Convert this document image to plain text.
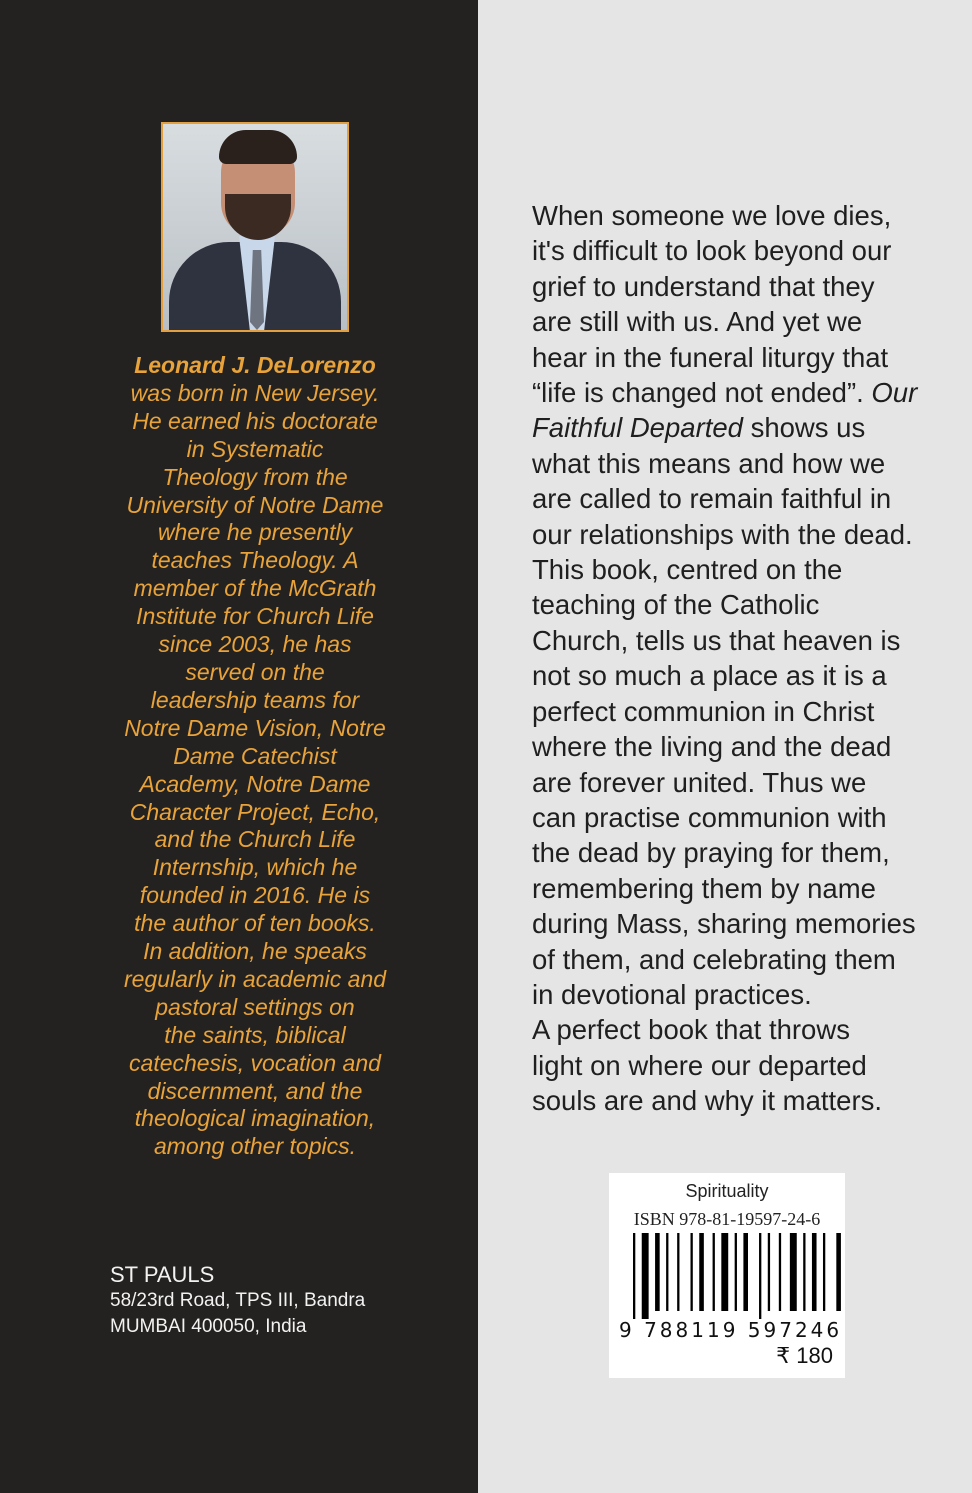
Leonard J. DeLorenzo
was born in New Jersey.
He earned his doctorate
in Systematic
Theology from the
University of Notre Dame
where he presently
teaches Theology. A
member of the McGrath
Institute for Church Life
since 2003, he has
served on the
leadership teams for
Notre Dame Vision, Notre
Dame Catechist
Academy, Notre Dame
Character Project, Echo,
and the Church Life
Internship, which he
founded in 2016. He is
the author of ten books.
In addition, he speaks
regularly in academic and
pastoral settings on
the saints, biblical
catechesis, vocation and
discernment, and the
theological imagination,
among other topics.
ST PAULS
58/23rd Road, TPS III, Bandra
MUMBAI 400050, India
When someone we love dies,
it's difficult to look beyond our
grief to understand that they
are still with us. And yet we
hear in the funeral liturgy that
“life is changed not ended”. Our
Faithful Departed shows us
what this means and how we
are called to remain faithful in
our relationships with the dead.
This book, centred on the
teaching of the Catholic
Church, tells us that heaven is
not so much a place as it is a
perfect communion in Christ
where the living and the dead
are forever united. Thus we
can practise communion with
the dead by praying for them,
remembering them by name
during Mass, sharing memories
of them, and celebrating them
in devotional practices.
A perfect book that throws
light on where our departed
souls are and why it matters.
Spirituality
ISBN 978-81-19597-24-6
9 788119 597246
₹ 180
